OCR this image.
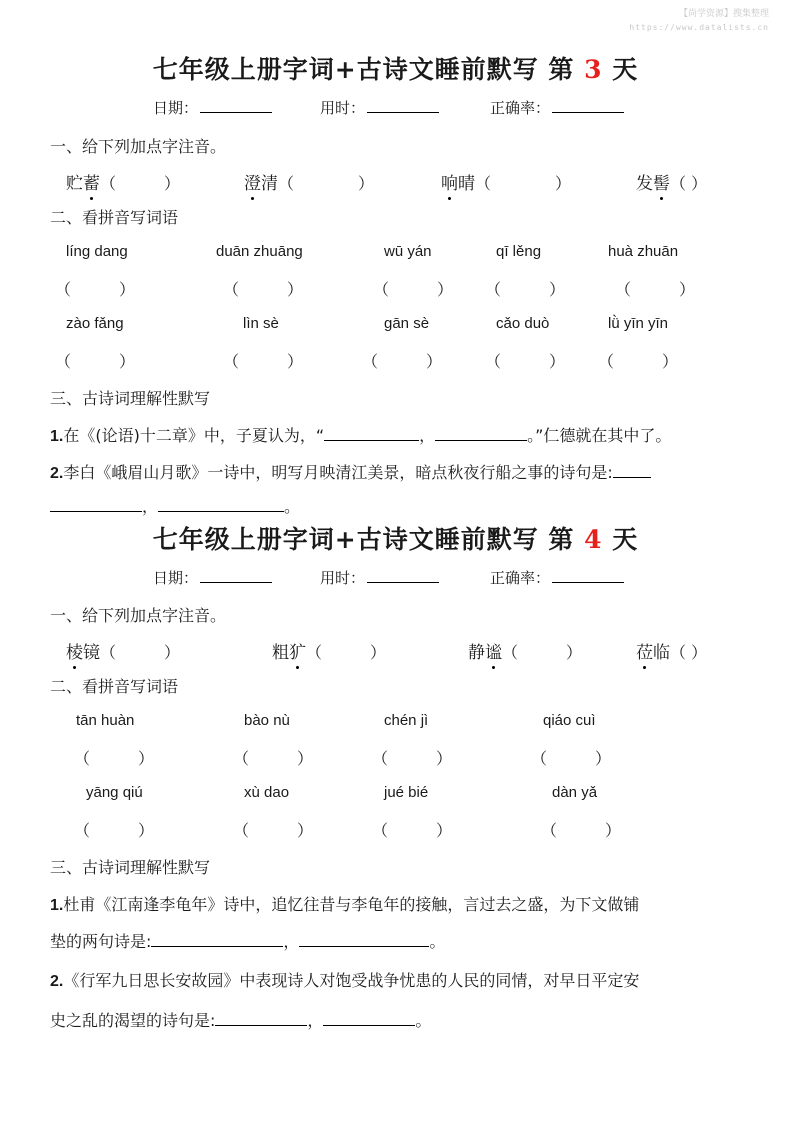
【尚学资源】搜集整理
https://www.datalists.cn
七年级上册字词+古诗文睡前默写 第 3 天
日期：	用时：	正确率：
一、给下列加点字注音。
贮蓄（　　　）	澄清（　　　　）	响晴（　　　　）	发髻（ ）
二、看拼音写词语
líng dang	duān zhuāng	wū yán	qī lěng	huà zhuān
（　　　）	（　　　）	（　　　） （　　　）	（　　　）
zào fǎng	lìn sè	gān sè	cǎo duò	lǜ yīn yīn
（　　　）	（　　　）	（　　　）	（　　　） （　　　）
三、古诗词理解性默写
1.在《(论语)十二章》中，子夏认为，“	，	。”仁德就在其中了。
2.李白《峨眉山月歌》一诗中，明写月映清江美景，暗点秋夜行船之事的诗句是:
，	。
七年级上册字词+古诗文睡前默写 第 4 天
日期：	用时：	正确率：
一、给下列加点字注音。
棱镜（　　　）	粗犷（　　　）	静谧（　　　）	莅临（ ）
二、看拼音写词语
tān huàn	bào nù	chén jì	qiáo cuì
（　　　）	（　　　）	（　　　）	（　　　）
yāng qiú	xù dao	jué bié	dàn yǎ
（　　　）	（　　　）	（　　　）	（　　　）
三、古诗词理解性默写
1.杜甫《江南逢李龟年》诗中，追忆往昔与李龟年的接触，言过去之盛，为下文做铺
垫的两句诗是:	，	。
2.《行军九日思长安故园》中表现诗人对饱受战争忧患的人民的同情，对早日平定安
史之乱的渴望的诗句是:	，	。
